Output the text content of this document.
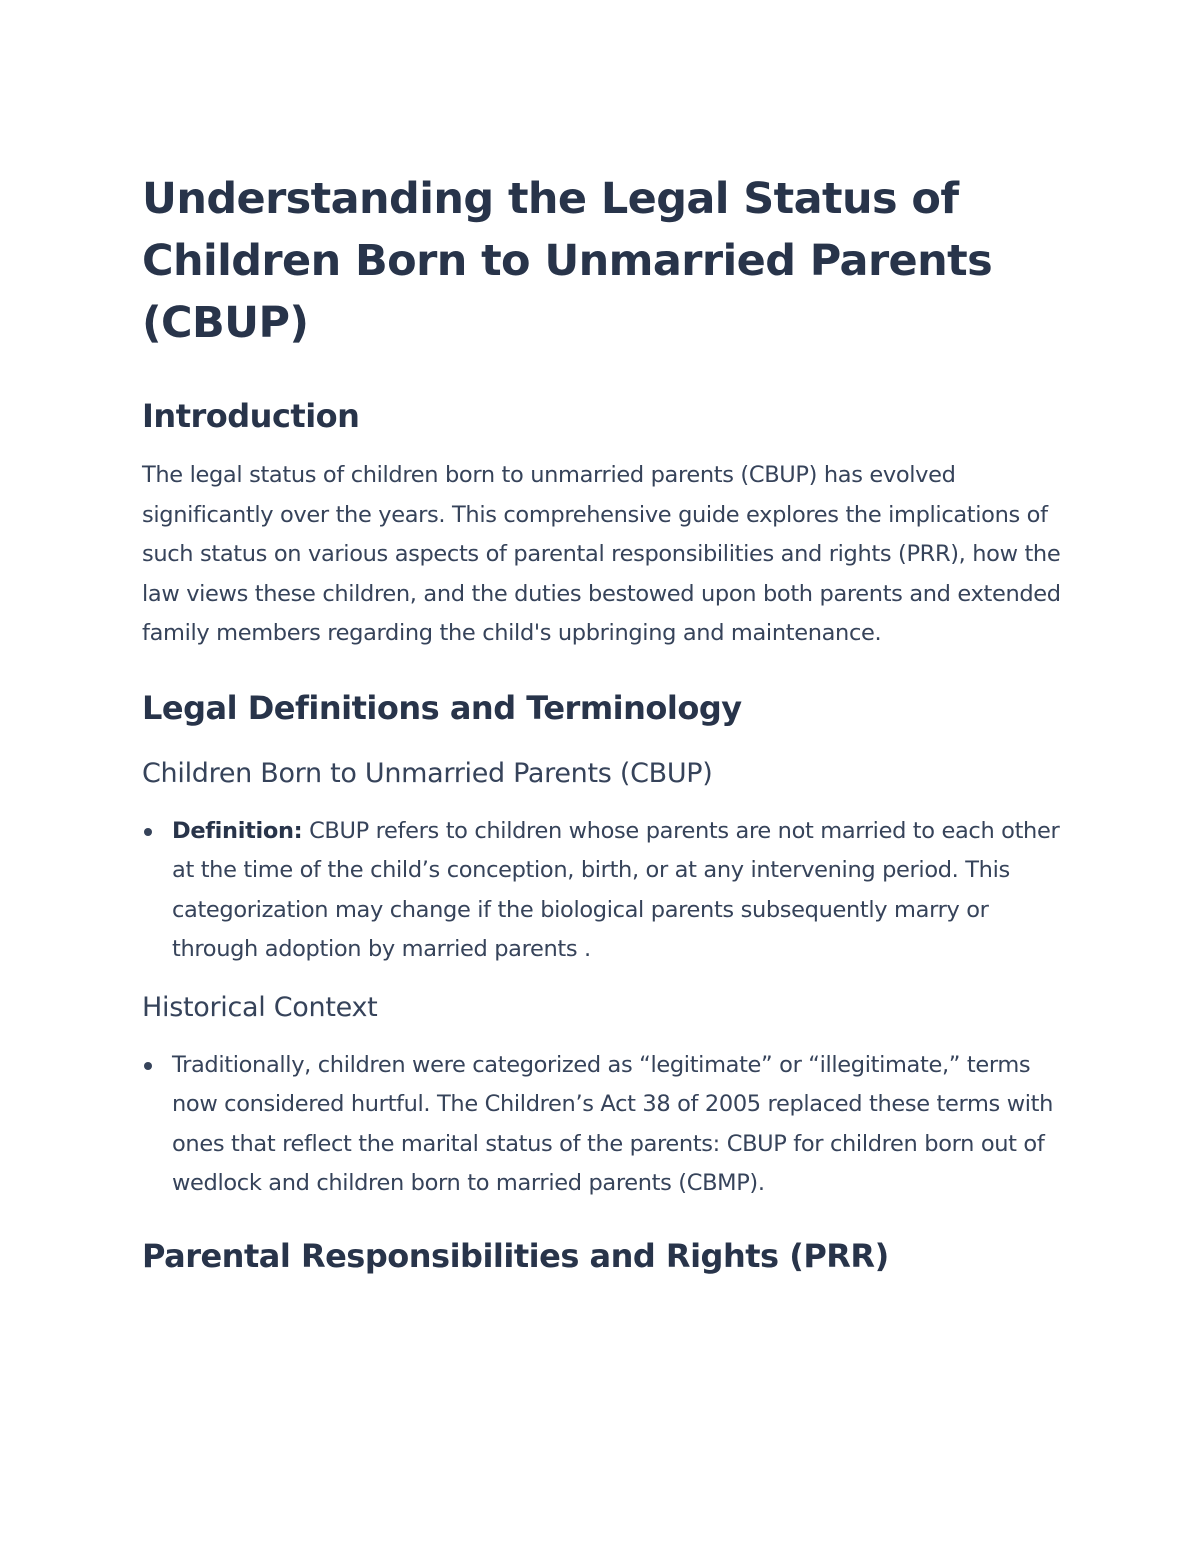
Understanding the Legal Status of Children Born to Unmarried Parents (CBUP)
Introduction

The legal status of children born to unmarried parents (CBUP) has evolved significantly over the years. This comprehensive guide explores the implications of such status on various aspects of parental responsibilities and rights (PRR), how the law views these children, and the duties bestowed upon both parents and extended family members regarding the child's upbringing and maintenance.

Legal Definitions and Terminology
Children Born to Unmarried Parents (CBUP)
Definition: CBUP refers to children whose parents are not married to each other at the time of the child’s conception, birth, or at any intervening period. This categorization may change if the biological parents subsequently marry or through adoption by married parents .
Historical Context
Traditionally, children were categorized as “legitimate” or “illegitimate,” terms now considered hurtful. The Children’s Act 38 of 2005 replaced these terms with ones that reflect the marital status of the parents: CBUP for children born out of wedlock and children born to married parents (CBMP).
Parental Responsibilities and Rights (PRR)
